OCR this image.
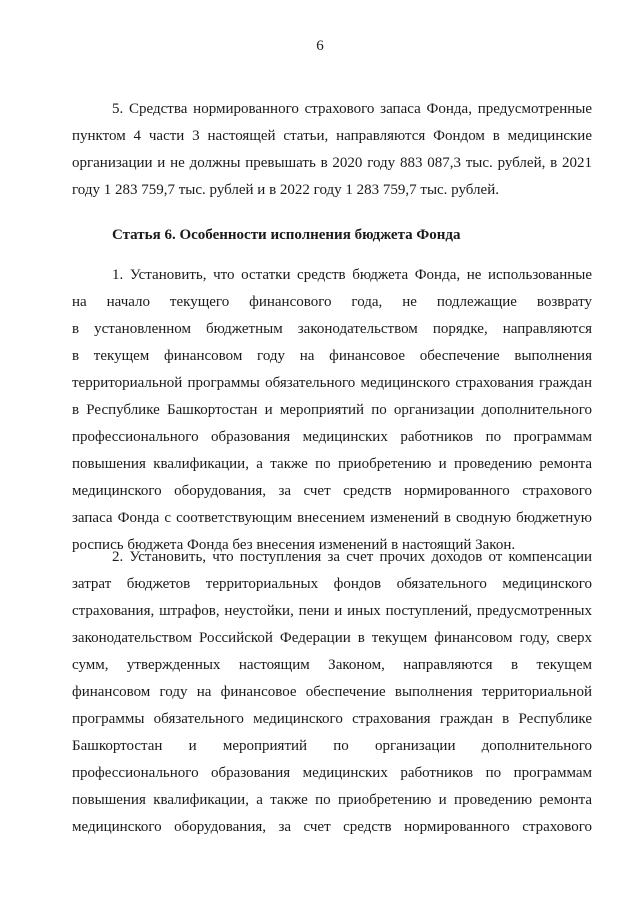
6
5. Средства нормированного страхового запаса Фонда, предусмотренные
пунктом 4 части 3 настоящей статьи, направляются Фондом в медицинские
организации и не должны превышать в 2020 году 883 087,3 тыс. рублей, в 2021
году 1 283 759,7 тыс. рублей и в 2022 году 1 283 759,7 тыс. рублей.
Статья 6. Особенности исполнения бюджета Фонда
1. Установить, что остатки средств бюджета Фонда, не использованные
на начало текущего финансового года, не подлежащие возврату
в установленном бюджетным законодательством порядке, направляются
в текущем финансовом году на финансовое обеспечение выполнения
территориальной программы обязательного медицинского страхования граждан
в Республике Башкортостан и мероприятий по организации дополнительного
профессионального образования медицинских работников по программам
повышения квалификации, а также по приобретению и проведению ремонта
медицинского оборудования, за счет средств нормированного страхового
запаса Фонда с соответствующим внесением изменений в сводную бюджетную
роспись бюджета Фонда без внесения изменений в настоящий Закон.
2. Установить, что поступления за счет прочих доходов от компенсации
затрат бюджетов территориальных фондов обязательного медицинского
страхования, штрафов, неустойки, пени и иных поступлений, предусмотренных
законодательством Российской Федерации в текущем финансовом году, сверх
сумм, утвержденных настоящим Законом, направляются в текущем
финансовом году на финансовое обеспечение выполнения территориальной
программы обязательного медицинского страхования граждан в Республике
Башкортостан и мероприятий по организации дополнительного
профессионального образования медицинских работников по программам
повышения квалификации, а также по приобретению и проведению ремонта
медицинского оборудования, за счет средств нормированного страхового
